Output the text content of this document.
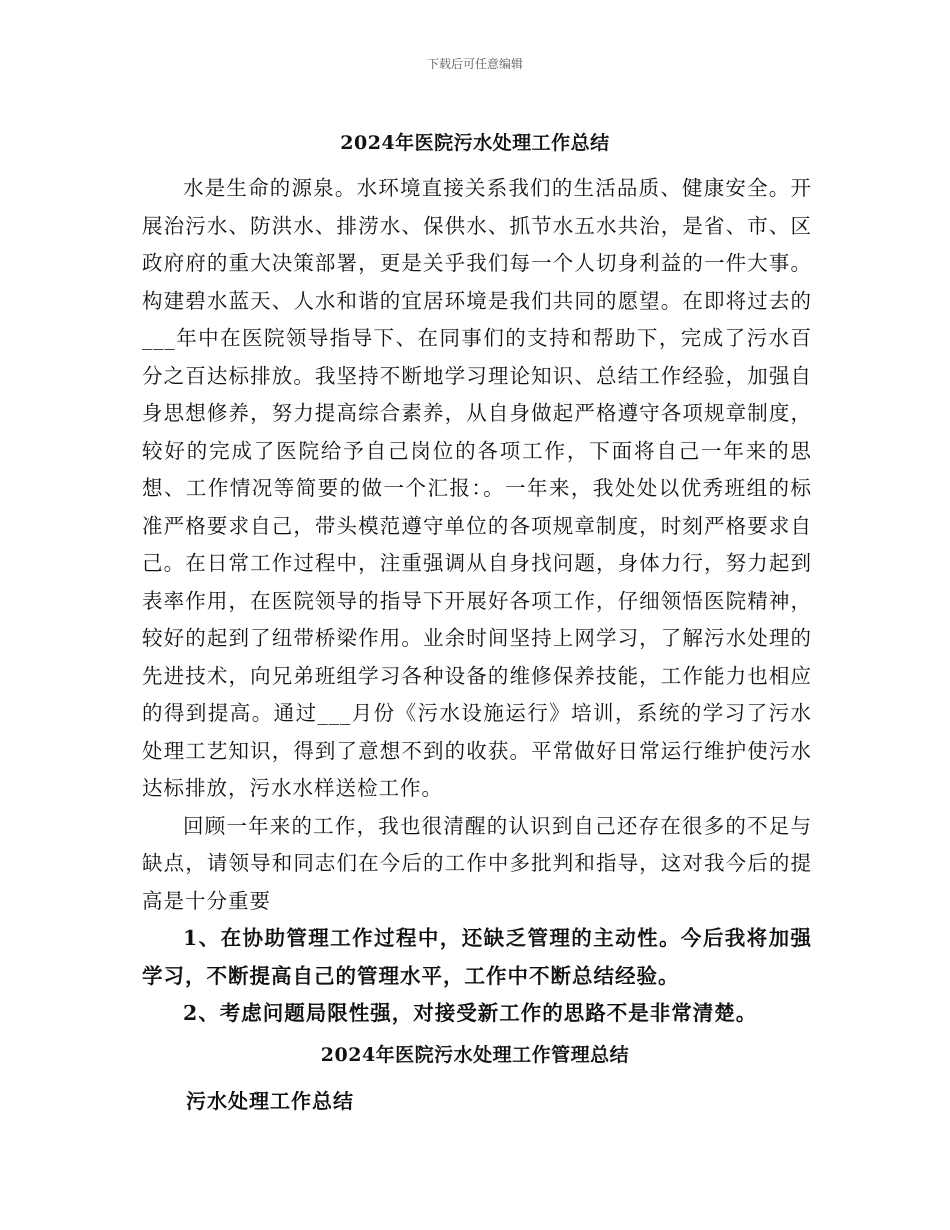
下载后可任意编辑
2024年医院污水处理工作总结

水是生命的源泉。水环境直接关系我们的生活品质、健康安全。开展治污水、防洪水、排涝水、保供水、抓节水五水共治，是省、市、区政府府的重大决策部署，更是关乎我们每一个人切身利益的一件大事。构建碧水蓝天、人水和谐的宜居环境是我们共同的愿望。在即将过去的___年中在医院领导指导下、在同事们的支持和帮助下，完成了污水百分之百达标排放。我坚持不断地学习理论知识、总结工作经验，加强自身思想修养，努力提高综合素养，从自身做起严格遵守各项规章制度，较好的完成了医院给予自己岗位的各项工作，下面将自己一年来的思想、工作情况等简要的做一个汇报：。一年来，我处处以优秀班组的标准严格要求自己，带头模范遵守单位的各项规章制度，时刻严格要求自己。在日常工作过程中，注重强调从自身找问题，身体力行，努力起到表率作用，在医院领导的指导下开展好各项工作，仔细领悟医院精神，较好的起到了纽带桥梁作用。业余时间坚持上网学习，了解污水处理的先进技术，向兄弟班组学习各种设备的维修保养技能，工作能力也相应的得到提高。通过___月份《污水设施运行》培训，系统的学习了污水处理工艺知识，得到了意想不到的收获。平常做好日常运行维护使污水达标排放，污水水样送检工作。

回顾一年来的工作，我也很清醒的认识到自己还存在很多的不足与缺点，请领导和同志们在今后的工作中多批判和指导，这对我今后的提高是十分重要

1、在协助管理工作过程中，还缺乏管理的主动性。今后我将加强学习，不断提高自己的管理水平，工作中不断总结经验。

2、考虑问题局限性强，对接受新工作的思路不是非常清楚。

2024年医院污水处理工作管理总结
污水处理工作总结
